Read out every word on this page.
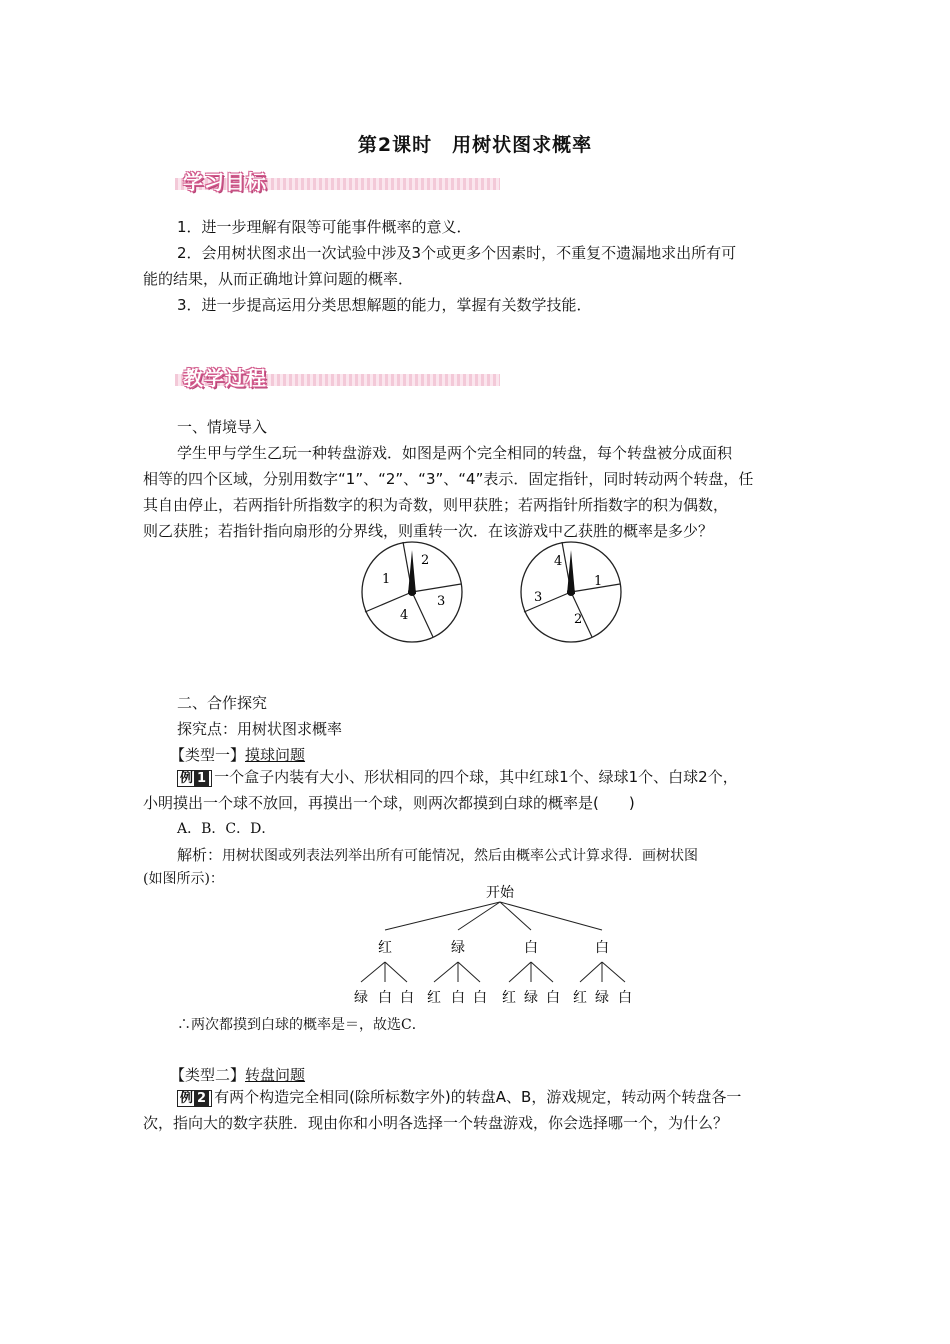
第2课时　用树状图求概率
学习目标
1．进一步理解有限等可能事件概率的意义．
2．会用树状图求出一次试验中涉及3个或更多个因素时，不重复不遗漏地求出所有可
能的结果，从而正确地计算问题的概率．
3．进一步提高运用分类思想解题的能力，掌握有关数学技能．
教学过程
一、情境导入
学生甲与学生乙玩一种转盘游戏．如图是两个完全相同的转盘，每个转盘被分成面积
相等的四个区域，分别用数字“1”、“2”、“3”、“4”表示．固定指针，同时转动两个转盘，任
其自由停止，若两指针所指数字的积为奇数，则甲获胜；若两指针所指数字的积为偶数，
则乙获胜；若指针指向扇形的分界线，则重转一次．在该游戏中乙获胜的概率是多少？
1
2
3
4
4
1
2
3
二、合作探究
探究点：用树状图求概率
【类型一】摸球问题
例 1 一个盒子内装有大小、形状相同的四个球，其中红球1个、绿球1个、白球2个，
小明摸出一个球不放回，再摸出一个球，则两次都摸到白球的概率是(　　)
A．B．C．D．
解析：用树状图或列表法列举出所有可能情况，然后由概率公式计算求得．画树状图
(如图所示)：
开始
红	绿	白	白
绿 白 白 红 白 白 红 绿 白 红 绿 白
∴两次都摸到白球的概率是＝，故选C．
【类型二】转盘问题
例 2 有两个构造完全相同(除所标数字外)的转盘A、B，游戏规定，转动两个转盘各一
次，指向大的数字获胜．现由你和小明各选择一个转盘游戏，你会选择哪一个，为什么？
